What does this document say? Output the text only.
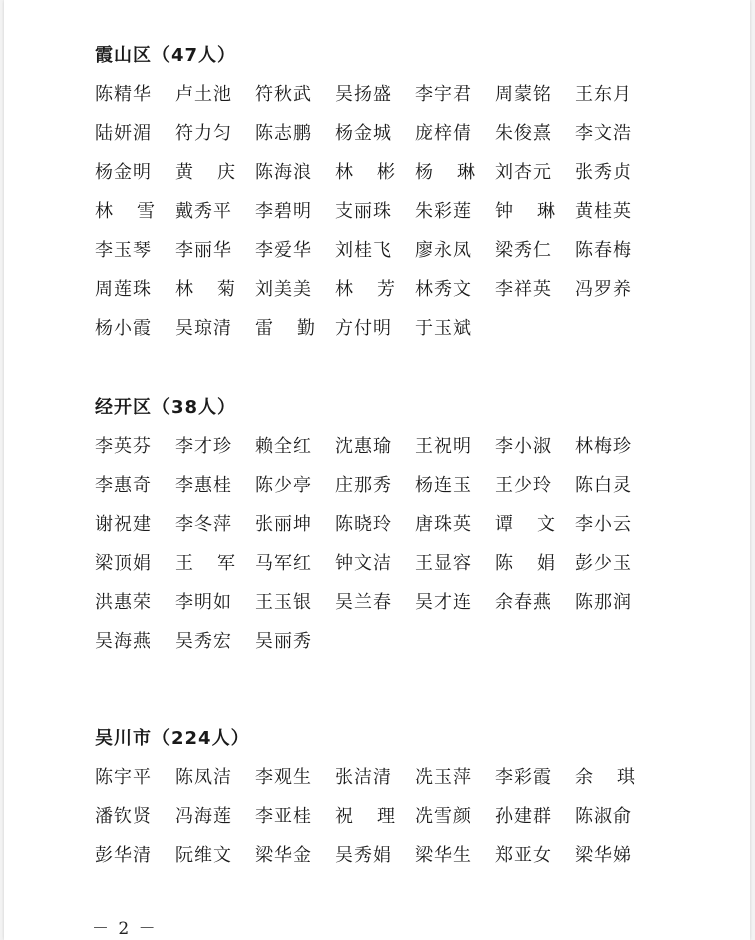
霞山区（47人）
陈精华 卢土池 符秋武 吴扬盛 李宇君 周蒙铭 王东月
陆妍湄 符力匀 陈志鹏 杨金城 庞梓倩 朱俊熹 李文浩
杨金明 黄 庆 陈海浪 林 彬 杨 琳 刘杏元 张秀贞
林 雪 戴秀平 李碧明 支丽珠 朱彩莲 钟 琳 黄桂英
李玉琴 李丽华 李爱华 刘桂飞 廖永凤 梁秀仁 陈春梅
周莲珠 林 菊 刘美美 林 芳 林秀文 李祥英 冯罗养
杨小霞 吴琼清 雷 勤 方付明 于玉斌
经开区（38人）
李英芬 李才珍 赖全红 沈惠瑜 王祝明 李小淑 林梅珍
李惠奇 李惠桂 陈少亭 庄那秀 杨连玉 王少玲 陈白灵
谢祝建 李冬萍 张丽坤 陈晓玲 唐珠英 谭 文 李小云
梁顶娟 王 军 马军红 钟文洁 王显容 陈 娟 彭少玉
洪惠荣 李明如 王玉银 吴兰春 吴才连 余春燕 陈那润
吴海燕 吴秀宏 吴丽秀
吴川市（224人）
陈宇平 陈凤洁 李观生 张洁清 冼玉萍 李彩霞 余 琪
潘钦贤 冯海莲 李亚桂 祝 理 冼雪颜 孙建群 陈淑俞
彭华清 阮维文 梁华金 吴秀娟 梁华生 郑亚女 梁华娣
－ 2 －
